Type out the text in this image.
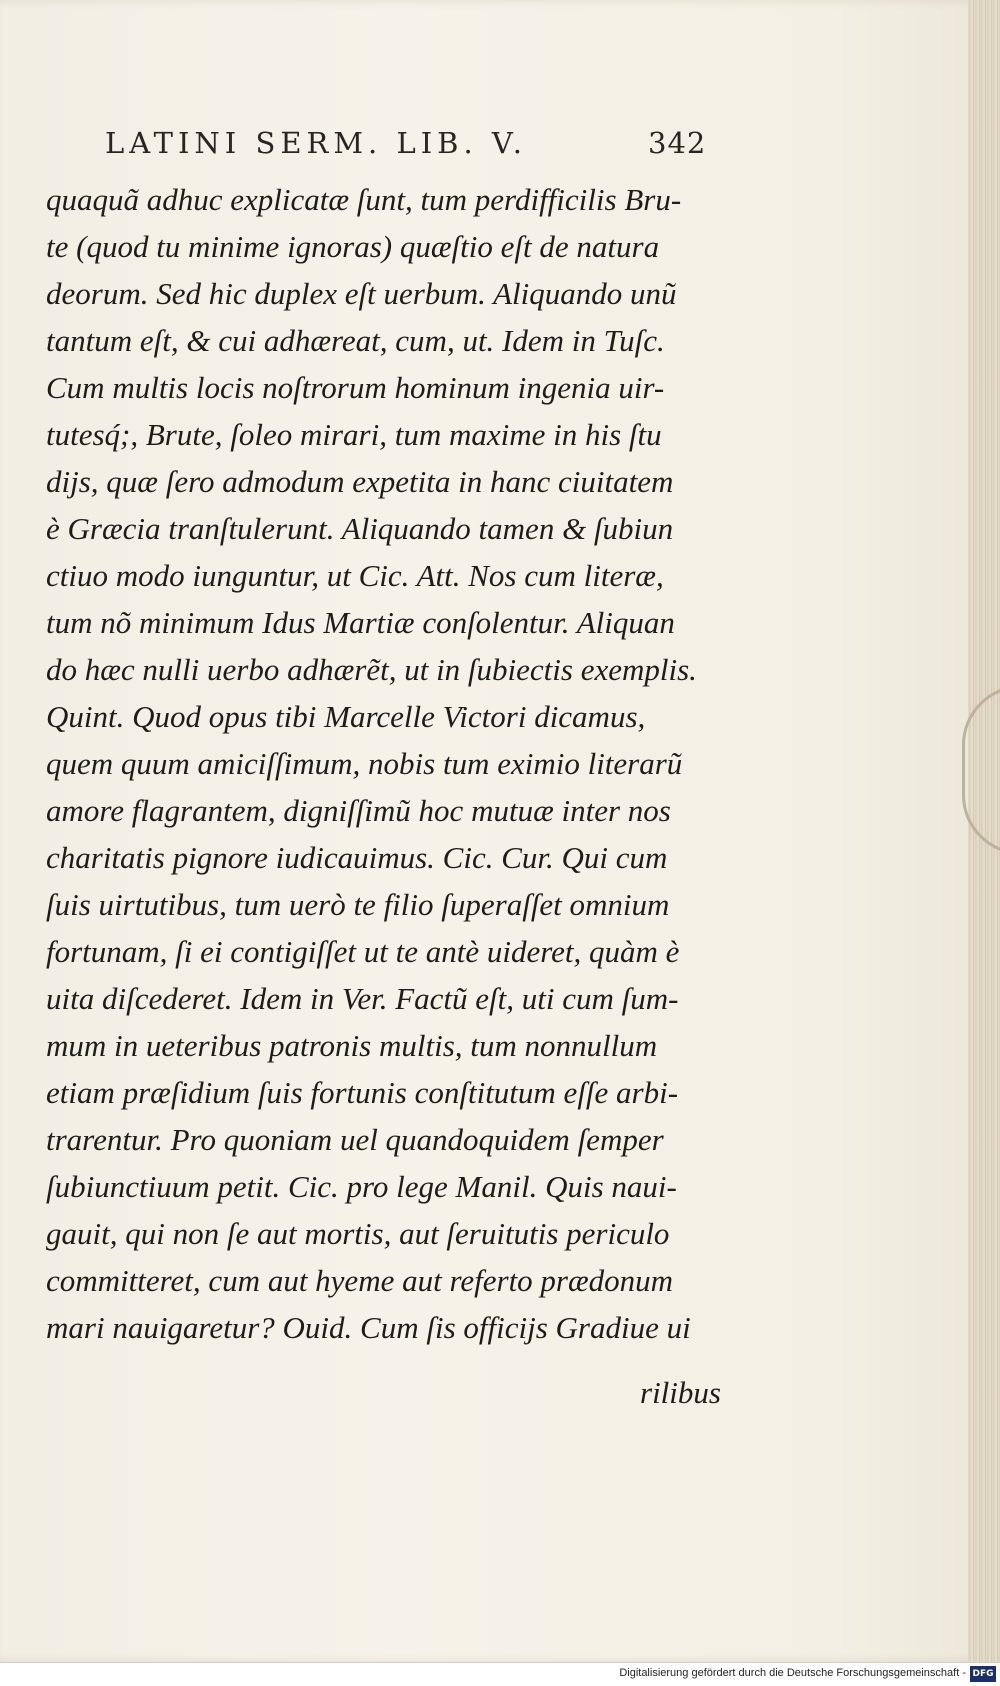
LATINI SERM. LIB. V.	342
quaquã adhuc explicatæ ſunt, tum perdifficilis Bru-
te (quod tu minime ignoras) quæſtio eſt de natura
deorum. Sed hic duplex eſt uerbum. Aliquando unũ
tantum eſt, & cui adhæreat, cum, ut. Idem in Tuſc.
Cum multis locis noſtrorum hominum ingenia uir-
tutesq́;, Brute, ſoleo mirari, tum maxime in his ſtu
dijs, quæ ſero admodum expetita in hanc ciuitatem
è Græcia tranſtulerunt. Aliquando tamen & ſubiun
ctiuo modo iunguntur, ut Cic. Att. Nos cum literæ,
tum nõ minimum Idus Martiæ conſolentur. Aliquan
do hæc nulli uerbo adhærẽt, ut in ſubiectis exemplis.
Quint. Quod opus tibi Marcelle Victori dicamus,
quem quum amiciſſimum, nobis tum eximio literarũ
amore flagrantem, digniſſimũ hoc mutuæ inter nos
charitatis pignore iudicauimus. Cic. Cur. Qui cum
ſuis uirtutibus, tum uerò te filio ſuperaſſet omnium
fortunam, ſi ei contigiſſet ut te antè uideret, quàm è
uita diſcederet. Idem in Ver. Factũ eſt, uti cum ſum-
mum in ueteribus patronis multis, tum nonnullum
etiam præſidium ſuis fortunis conſtitutum eſſe arbi-
trarentur. Pro quoniam uel quandoquidem ſemper
ſubiunctiuum petit. Cic. pro lege Manil. Quis naui-
gauit, qui non ſe aut mortis, aut ſeruitutis periculo
committeret, cum aut hyeme aut referto prædonum
mari nauigaretur? Ouid. Cum ſis officijs Gradiue ui
rilibus
Digitalisierung gefördert durch die Deutsche Forschungsgemeinschaft - DFG
